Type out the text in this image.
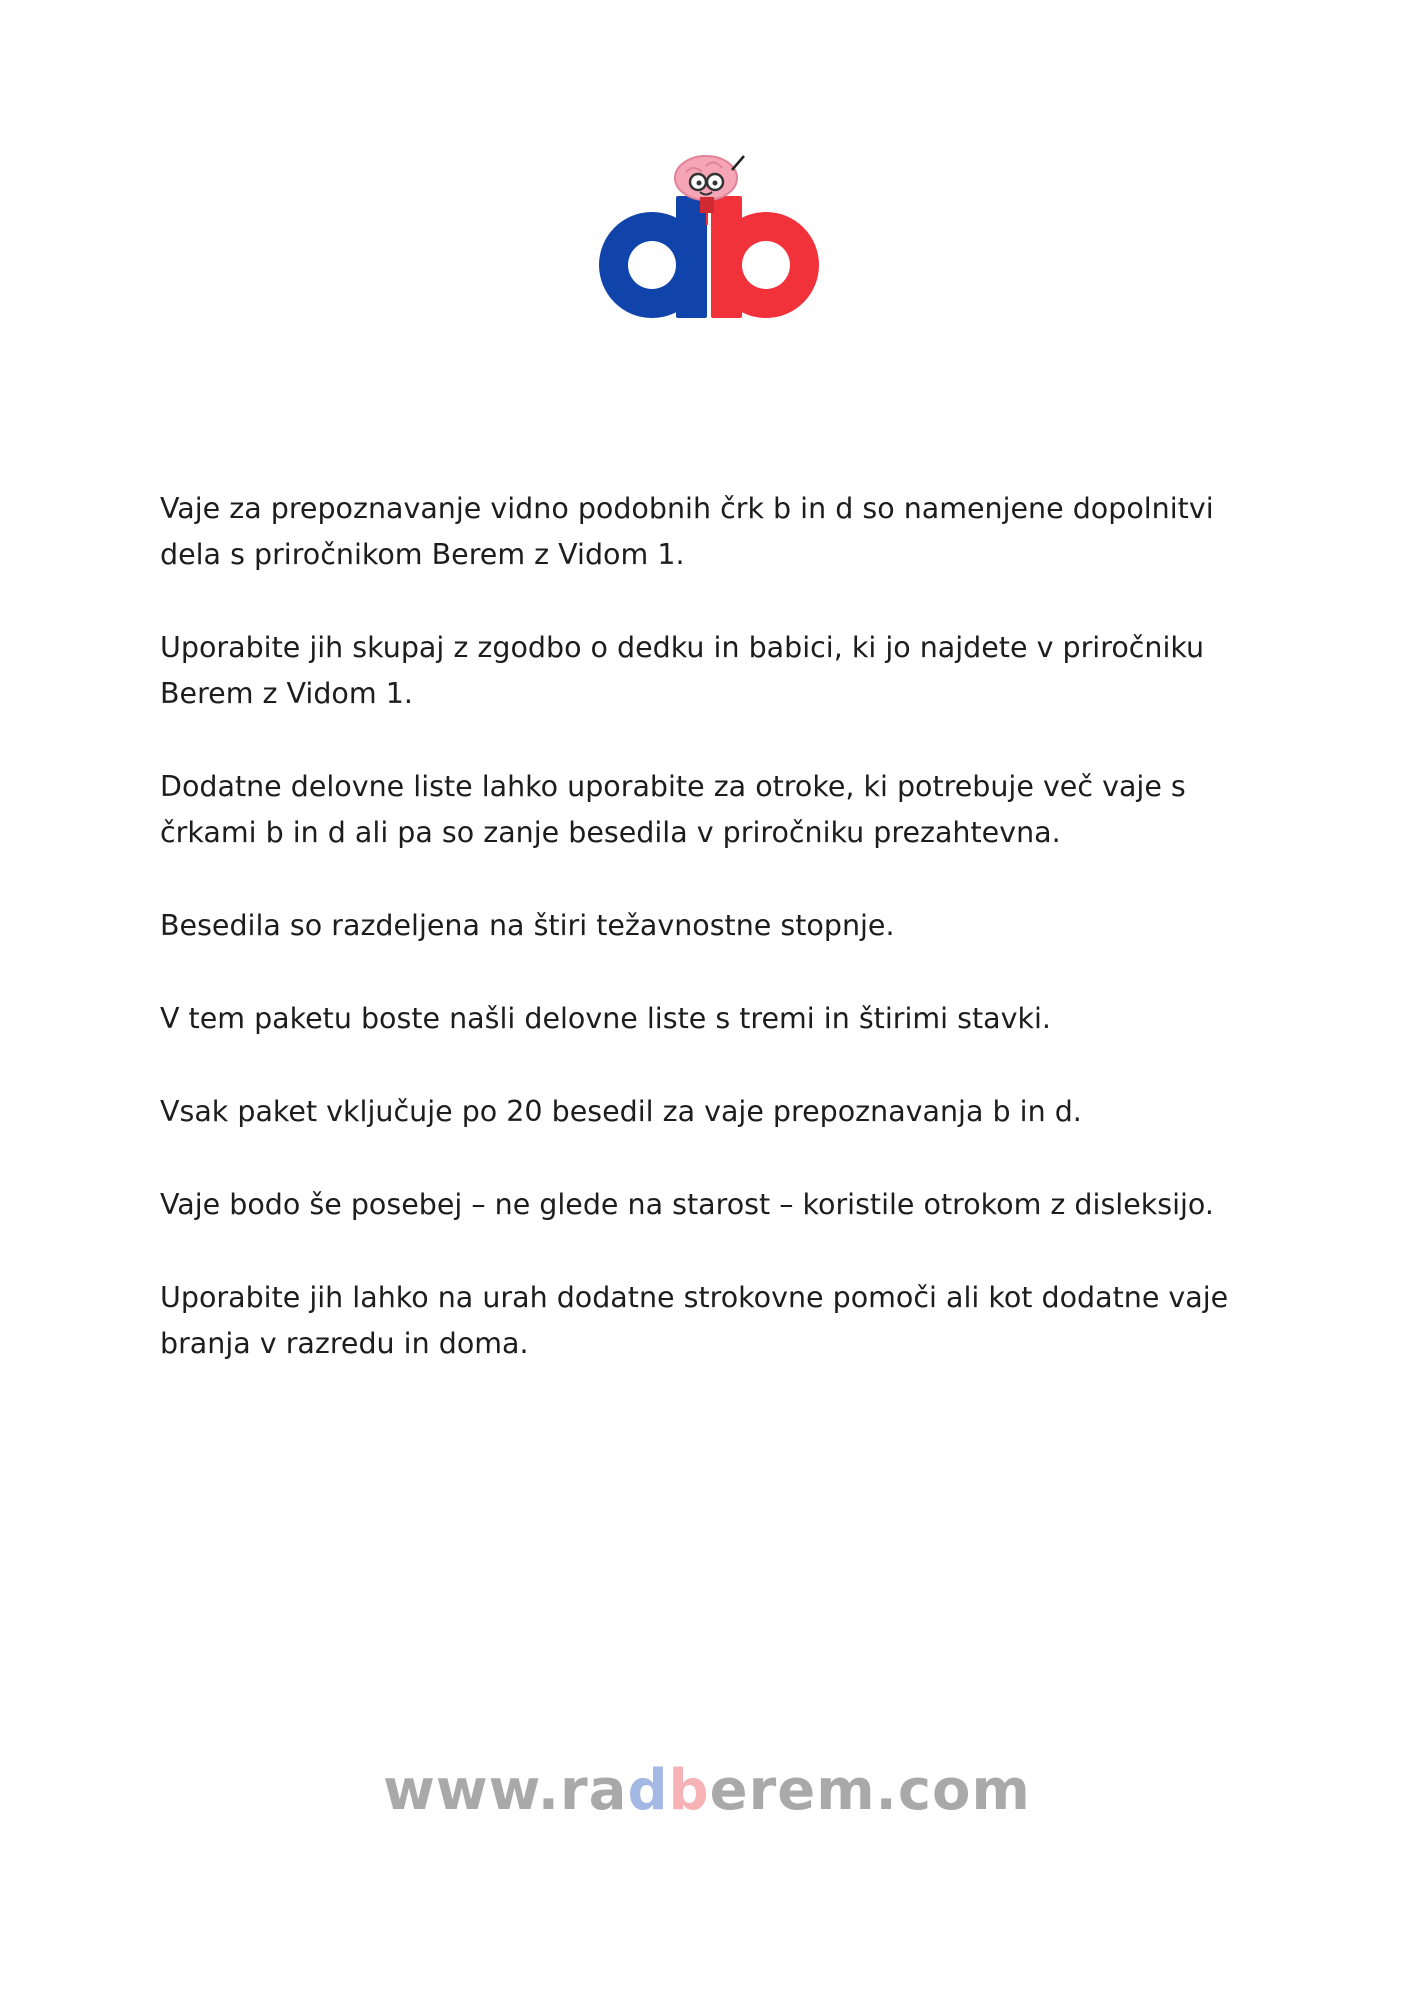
Vaje za prepoznavanje vidno podobnih črk b in d so namenjene dopolnitvi dela s priročnikom Berem z Vidom 1.

Uporabite jih skupaj z zgodbo o dedku in babici, ki jo najdete v priročniku Berem z Vidom 1.

Dodatne delovne liste lahko uporabite za otroke, ki potrebuje več vaje s črkami b in d ali pa so zanje besedila v priročniku prezahtevna.

Besedila so razdeljena na štiri težavnostne stopnje.

V tem paketu boste našli delovne liste s tremi in štirimi stavki.

Vsak paket vključuje po 20 besedil za vaje prepoznavanja b in d.

Vaje bodo še posebej – ne glede na starost – koristile otrokom z disleksijo.

Uporabite jih lahko na urah dodatne strokovne pomoči ali kot dodatne vaje branja v razredu in doma.

www.radberem.com
